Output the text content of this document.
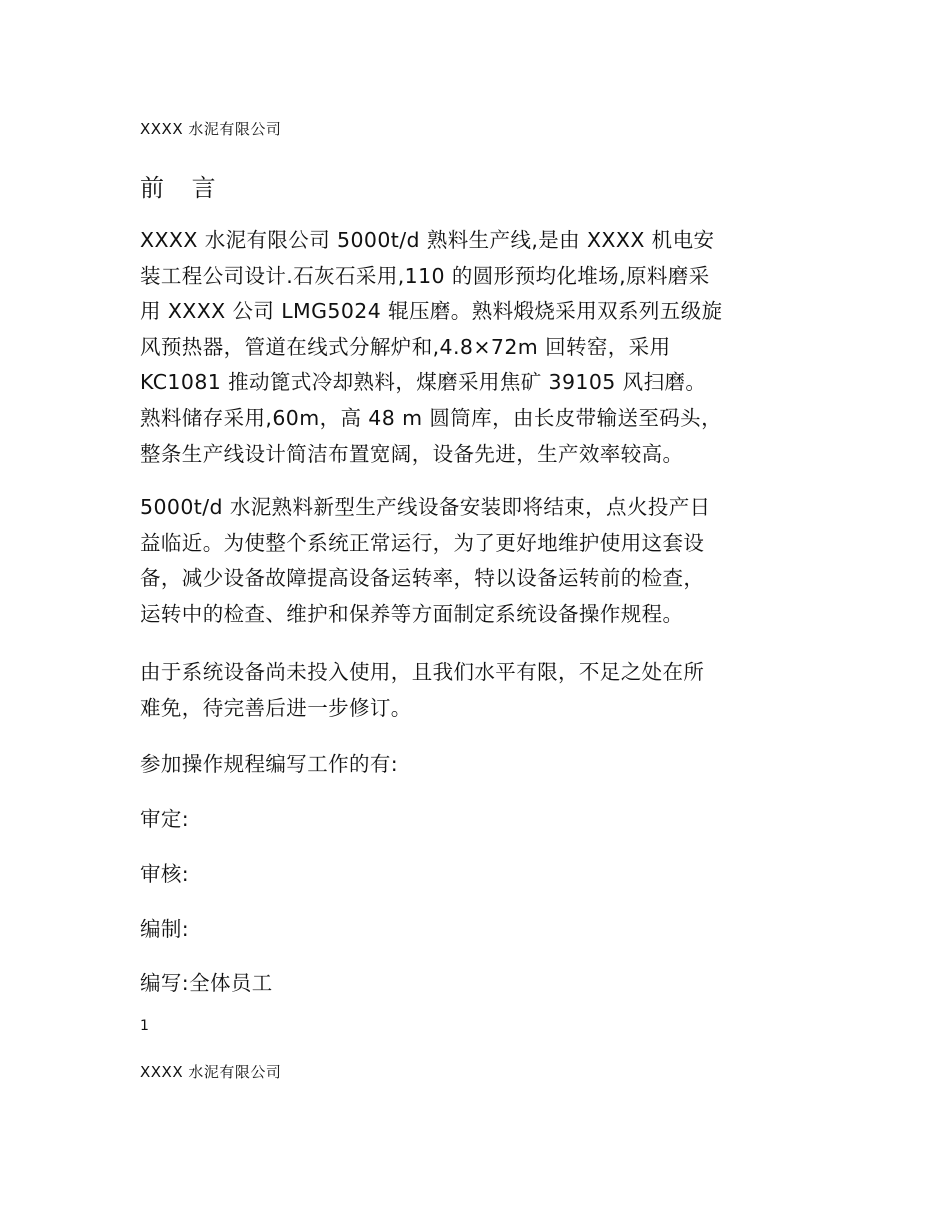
XXXX 水泥有限公司
前 言
XXXX 水泥有限公司 5000t/d 熟料生产线,是由 XXXX 机电安
装工程公司设计.石灰石采用,110 的圆形预均化堆场,原料磨采
用 XXXX 公司 LMG5024 辊压磨。熟料煅烧采用双系列五级旋
风预热器，管道在线式分解炉和,4.8×72m 回转窑，采用
KC1081 推动篦式冷却熟料，煤磨采用焦矿 39105 风扫磨。
熟料储存采用,60m，高 48 m 圆筒库，由长皮带输送至码头，
整条生产线设计简洁布置宽阔，设备先进，生产效率较高。
5000t/d 水泥熟料新型生产线设备安装即将结束，点火投产日
益临近。为使整个系统正常运行，为了更好地维护使用这套设
备，减少设备故障提高设备运转率，特以设备运转前的检查，
运转中的检查、维护和保养等方面制定系统设备操作规程。
由于系统设备尚未投入使用，且我们水平有限，不足之处在所
难免，待完善后进一步修订。
参加操作规程编写工作的有:
审定:
审核:
编制:
编写:全体员工
1
XXXX 水泥有限公司
